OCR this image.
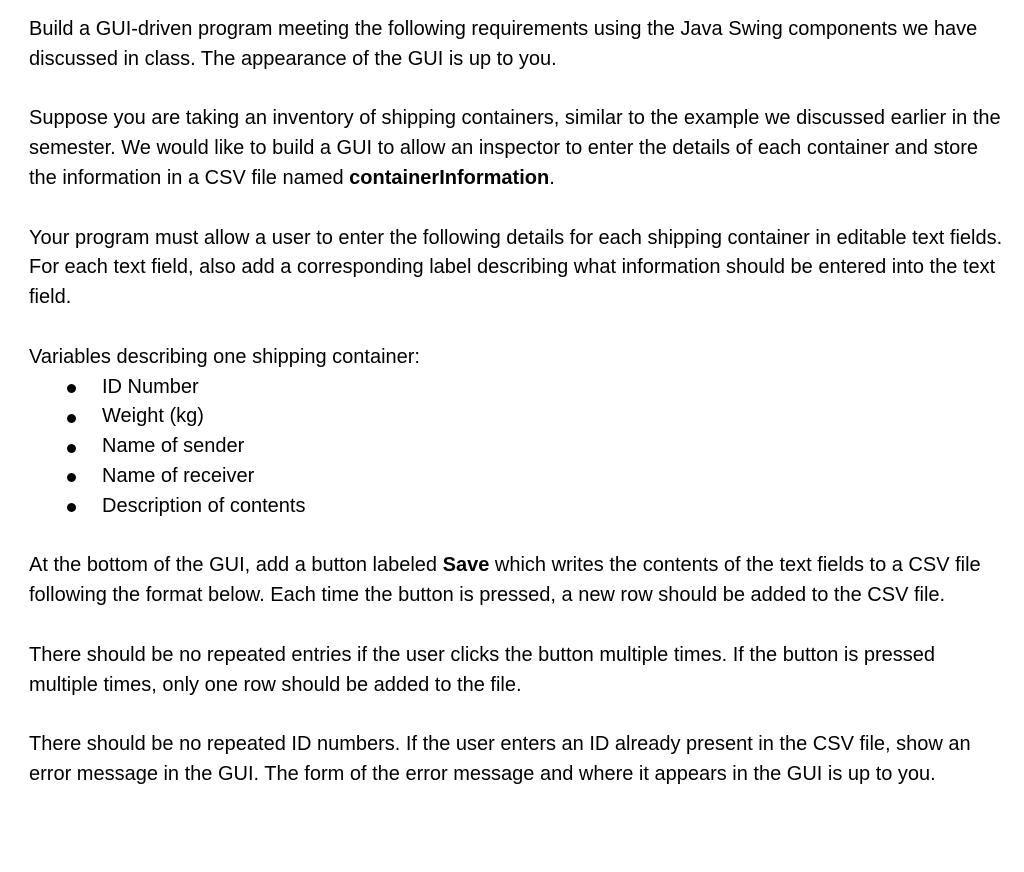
Build a GUI-driven program meeting the following requirements using the Java Swing components we have discussed in class. The appearance of the GUI is up to you.

Suppose you are taking an inventory of shipping containers, similar to the example we discussed earlier in the semester. We would like to build a GUI to allow an inspector to enter the details of each container and store the information in a CSV file named containerInformation.

Your program must allow a user to enter the following details for each shipping container in editable text fields. For each text field, also add a corresponding label describing what information should be entered into the text field.

Variables describing one shipping container:

ID Number
Weight (kg)
Name of sender
Name of receiver
Description of contents

At the bottom of the GUI, add a button labeled Save which writes the contents of the text fields to a CSV file following the format below. Each time the button is pressed, a new row should be added to the CSV file.

There should be no repeated entries if the user clicks the button multiple times. If the button is pressed multiple times, only one row should be added to the file.

There should be no repeated ID numbers. If the user enters an ID already present in the CSV file, show an error message in the GUI. The form of the error message and where it appears in the GUI is up to you.
